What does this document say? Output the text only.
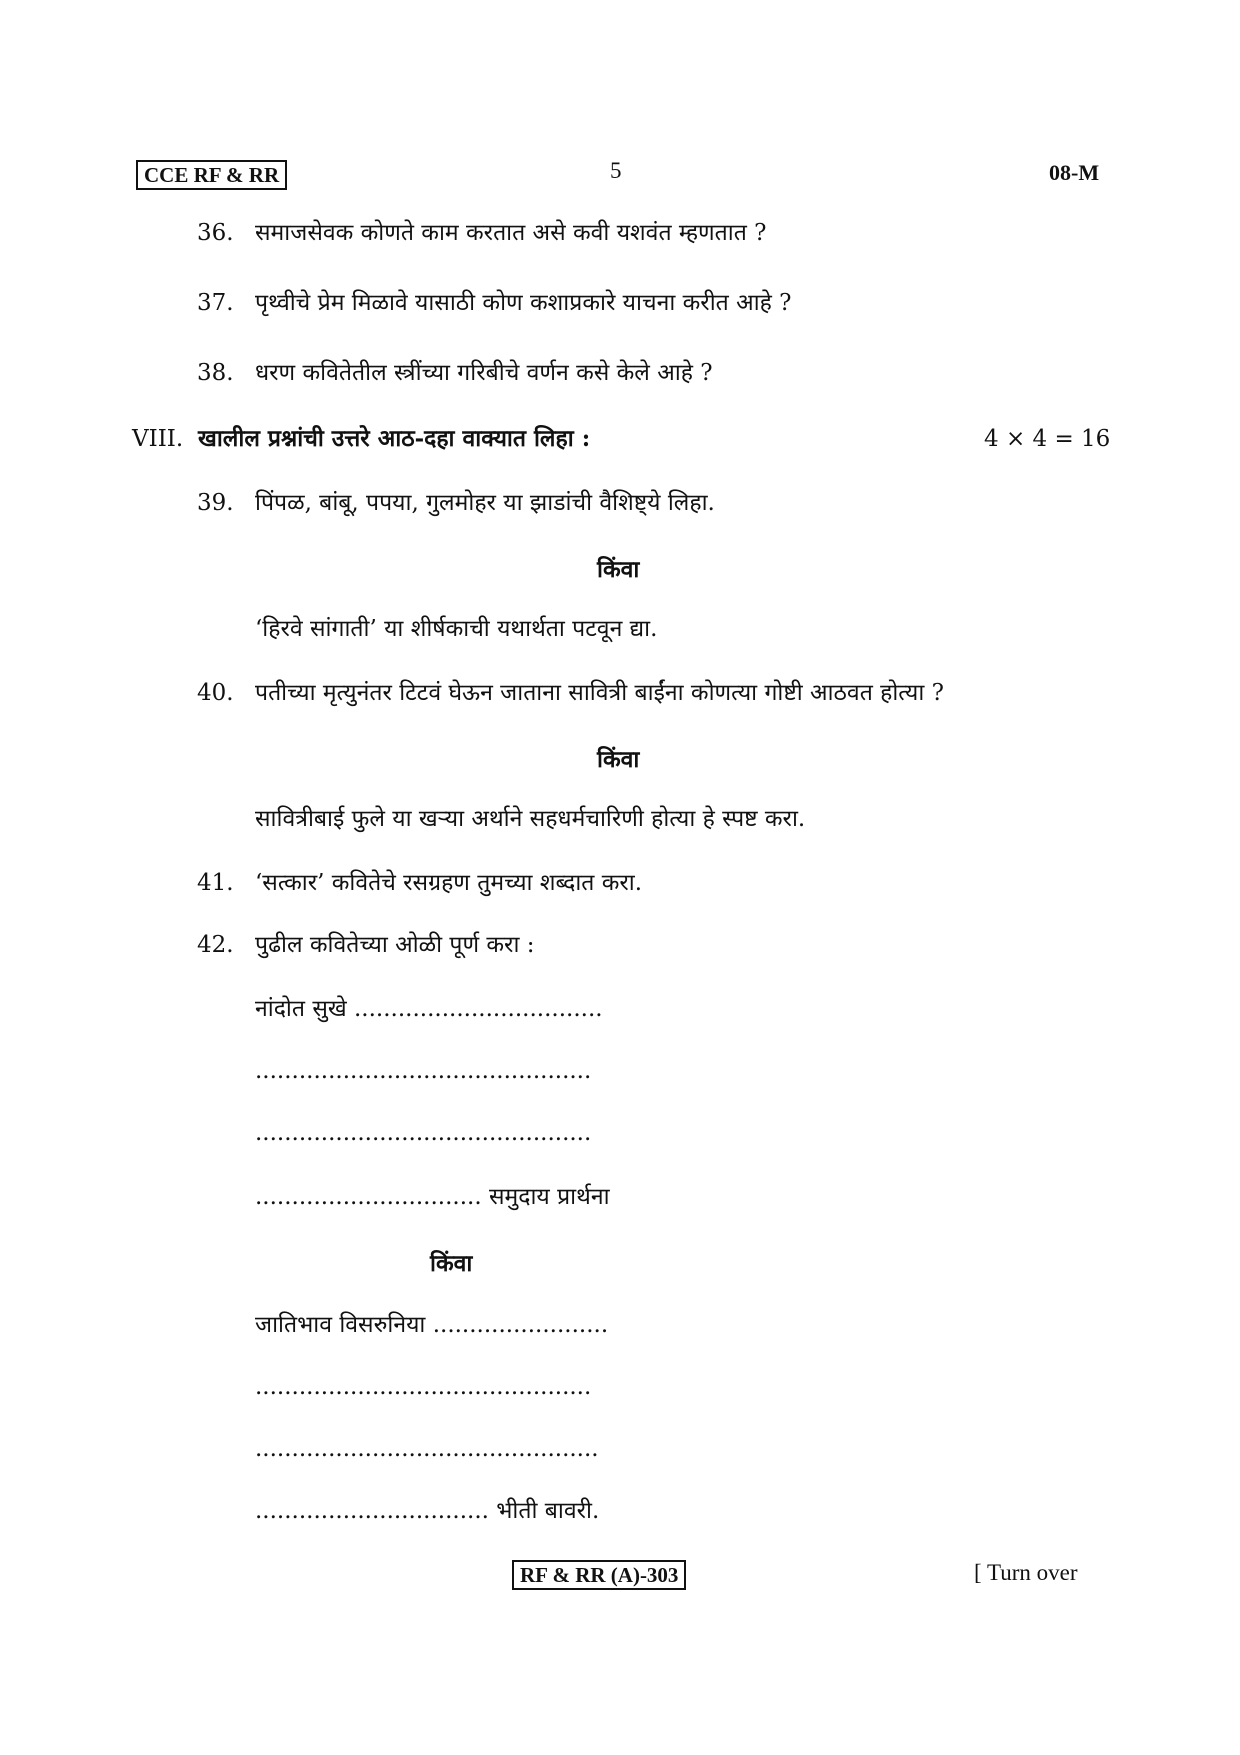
CCE RF & RR	5	08-M
36. समाजसेवक कोणते काम करतात असे कवी यशवंत म्हणतात ?
37. पृथ्वीचे प्रेम मिळावे यासाठी कोण कशाप्रकारे याचना करीत आहे ?
38. धरण कवितेतील स्त्रींच्या गरिबीचे वर्णन कसे केले आहे ?
VIII. खालील प्रश्नांची उत्तरे आठ-दहा वाक्यात लिहा :	4 × 4 = 16
39. पिंपळ, बांबू, पपया, गुलमोहर या झाडांची वैशिष्ट्ये लिहा.
किंवा
‘हिरवे सांगाती’ या शीर्षकाची यथार्थता पटवून द्या.
40. पतीच्या मृत्युनंतर टिटवं घेऊन जाताना सावित्री बाईंना कोणत्या गोष्टी आठवत होत्या ?
किंवा
सावित्रीबाई फुले या खऱ्या अर्थाने सहधर्मचारिणी होत्या हे स्पष्ट करा.
41. ‘सत्कार’ कवितेचे रसग्रहण तुमच्या शब्दात करा.
42. पुढील कवितेच्या ओळी पूर्ण करा :
नांदोत सुखे ..................................
..............................................
..............................................
............................... समुदाय प्रार्थना
किंवा
जातिभाव विसरुनिया ........................
..............................................
...............................................
................................ भीती बावरी.
RF & RR (A)-303	[ Turn over
